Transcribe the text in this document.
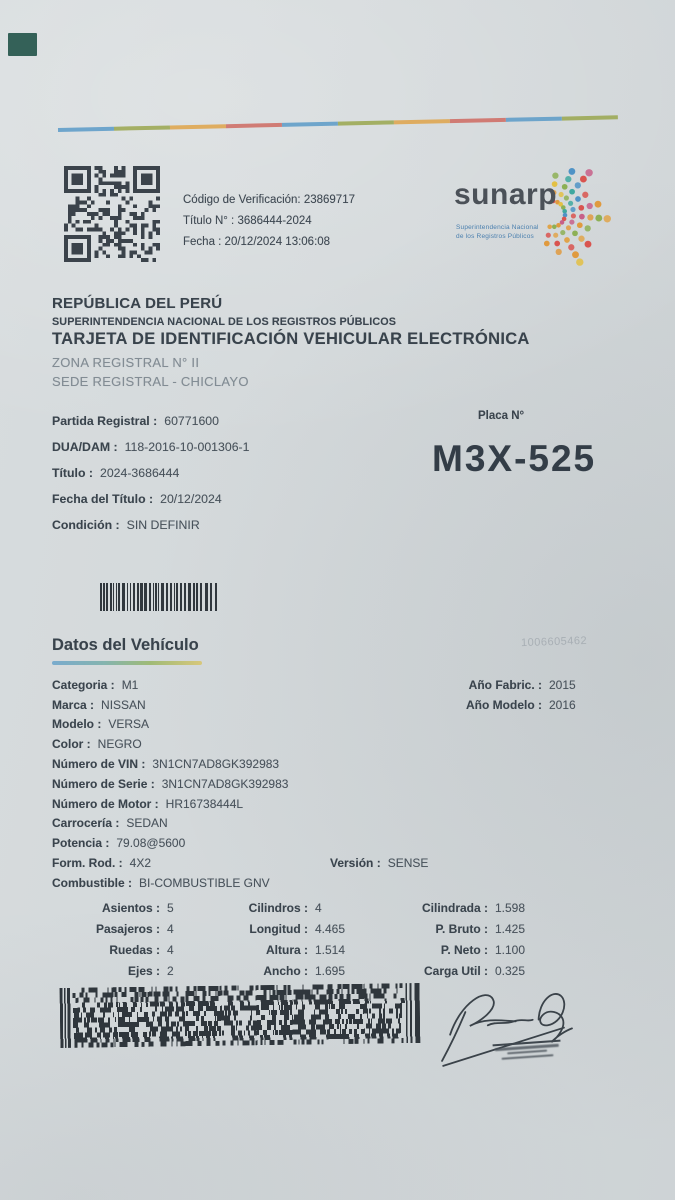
Código de Verificación: 23869717
Título N° : 3686444-2024
Fecha : 20/12/2024 13:06:08
sunarp
Superintendencia Nacional
de los Registros Públicos
REPÚBLICA DEL PERÚ
SUPERINTENDENCIA NACIONAL DE LOS REGISTROS PÚBLICOS
TARJETA DE IDENTIFICACIÓN VEHICULAR ELECTRÓNICA
ZONA REGISTRAL N° II
SEDE REGISTRAL - CHICLAYO
Partida Registral : 60771600
DUA/DAM : 118-2016-10-001306-1
Título : 2024-3686444
Fecha del Título : 20/12/2024
Condición : SIN DEFINIR
Placa N°
M3X-525
Datos del Vehículo	1006605462
Categoria : M1
Marca : NISSAN
Modelo : VERSA
Color : NEGRO
Número de VIN : 3N1CN7AD8GK392983
Número de Serie : 3N1CN7AD8GK392983
Número de Motor : HR16738444L
Carrocería : SEDAN
Potencia : 79.08@5600
Form. Rod. : 4X2
Combustible : BI-COMBUSTIBLE GNV
Versión : SENSE
Año Fabric. : 2015
Año Modelo : 2016
Asientos : 5
Pasajeros : 4
Ruedas : 4
Ejes : 2
Cilindros : 4
Longitud : 4.465
Altura : 1.514
Ancho : 1.695
Cilindrada : 1.598
P. Bruto : 1.425
P. Neto : 1.100
Carga Util : 0.325
